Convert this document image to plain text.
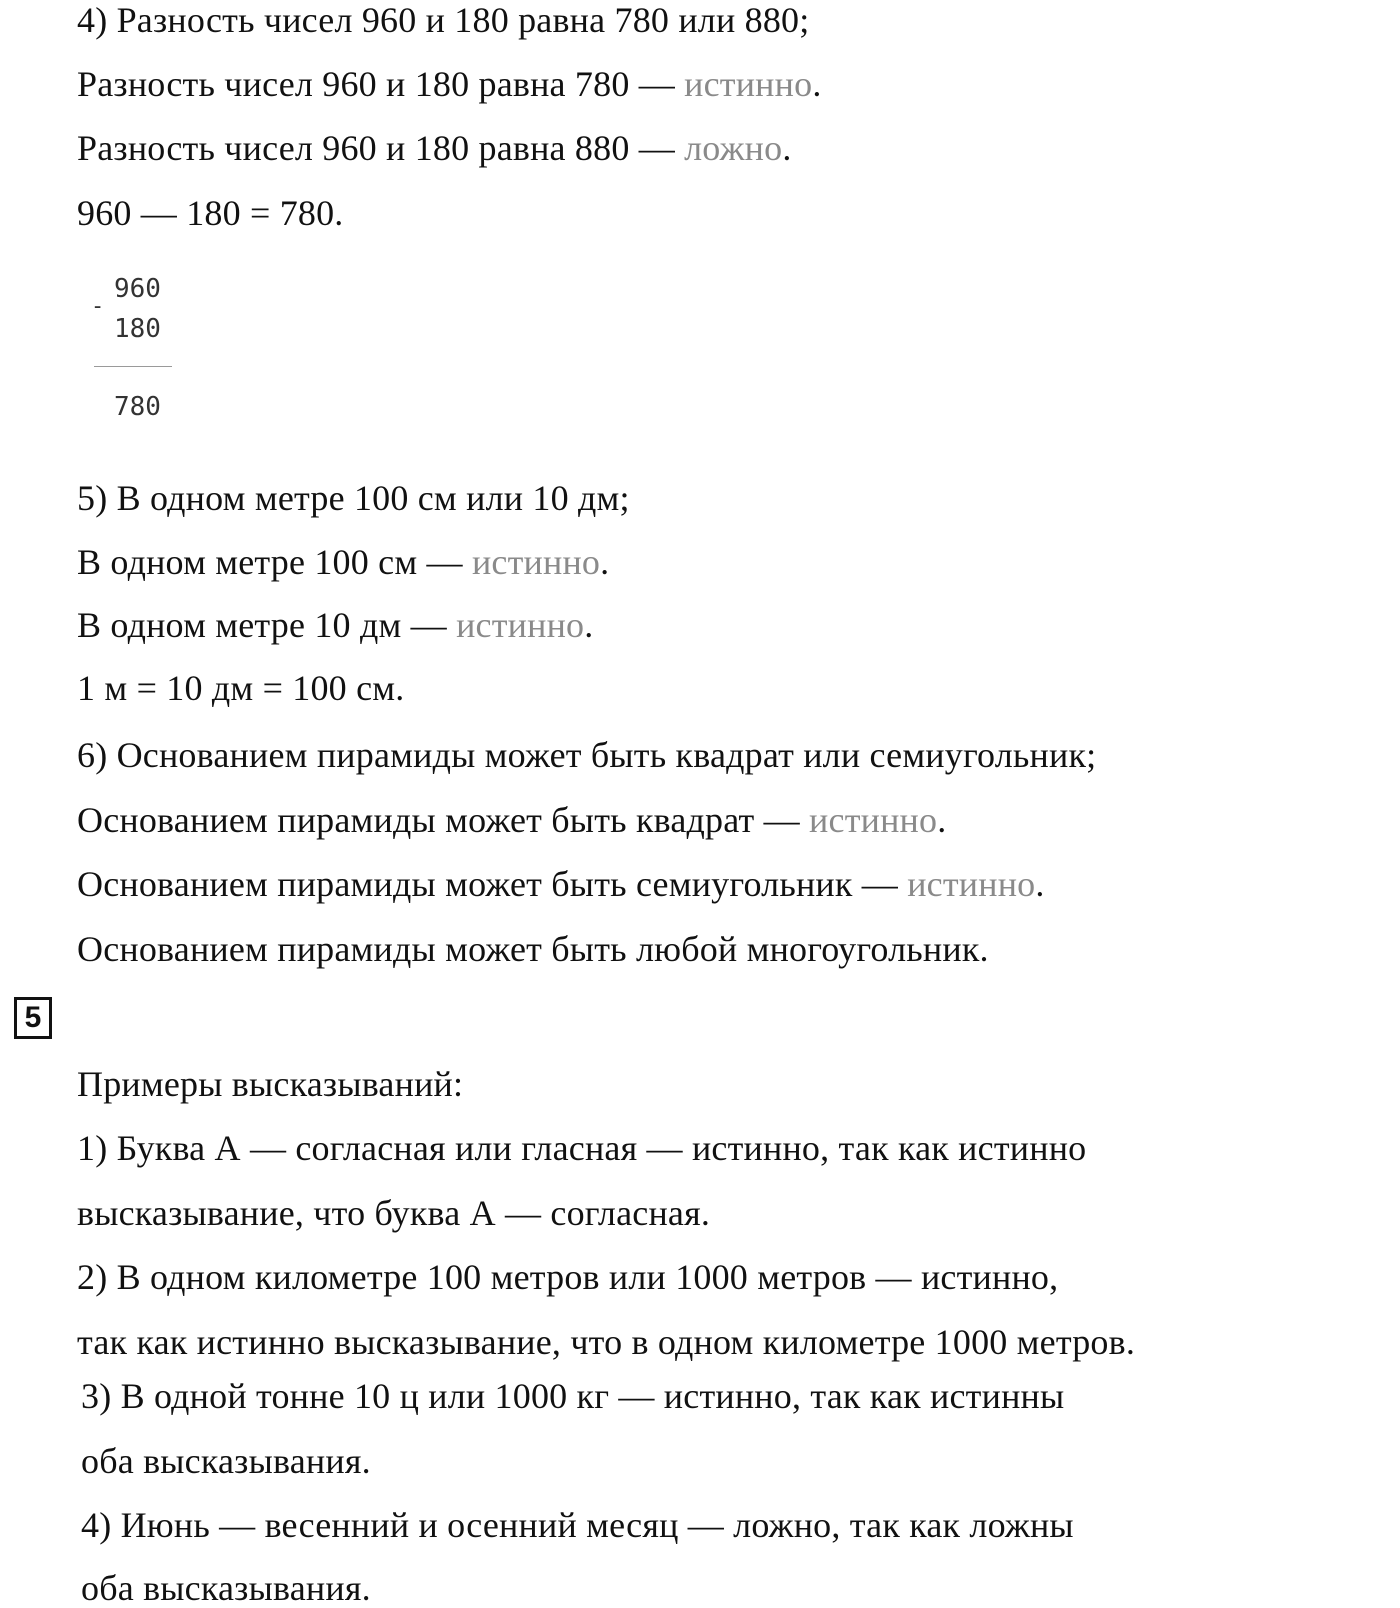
4) Разность чисел 960 и 180 равна 780 или 880;
Разность чисел 960 и 180 равна 780 — истинно.
Разность чисел 960 и 180 равна 880 — ложно.
960 — 180 = 780.
-
960
180
780
5) В одном метре 100 см или 10 дм;
В одном метре 100 см — истинно.
В одном метре 10 дм — истинно.
1 м = 10 дм = 100 см.
6) Основанием пирамиды может быть квадрат или семиугольник;
Основанием пирамиды может быть квадрат — истинно.
Основанием пирамиды может быть семиугольник — истинно.
Основанием пирамиды может быть любой многоугольник.
5
Примеры высказываний:
1) Буква А — согласная или гласная — истинно, так как истинно
высказывание, что буква А — согласная.
2) В одном километре 100 метров или 1000 метров — истинно,
так как истинно высказывание, что в одном километре 1000 метров.
3) В одной тонне 10 ц или 1000 кг — истинно, так как истинны
оба высказывания.
4) Июнь — весенний и осенний месяц — ложно, так как ложны
оба высказывания.
